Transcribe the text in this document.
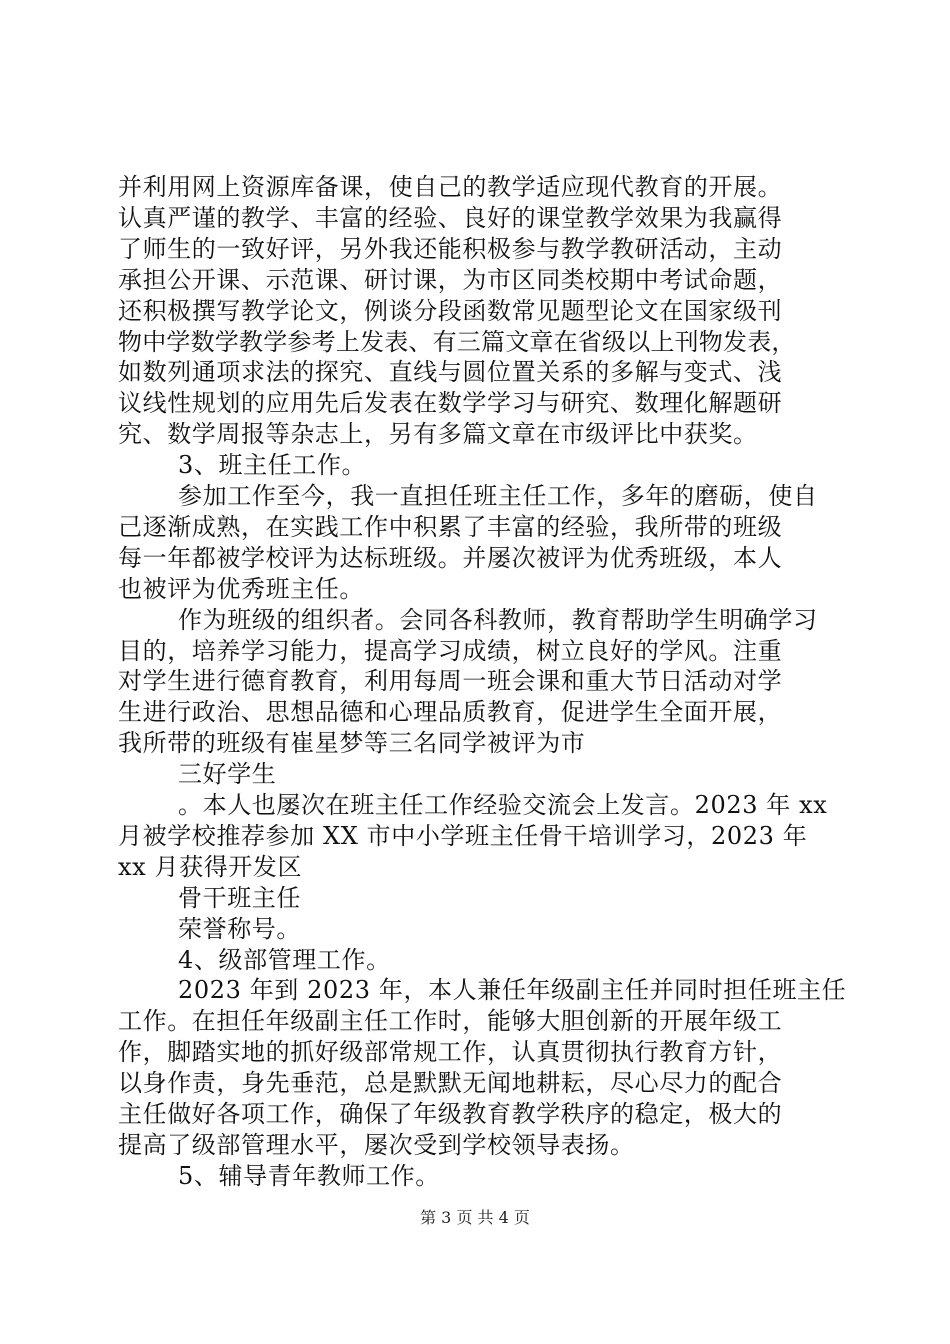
并利用网上资源库备课，使自己的教学适应现代教育的开展。
认真严谨的教学、丰富的经验、良好的课堂教学效果为我赢得
了师生的一致好评，另外我还能积极参与教学教研活动，主动
承担公开课、示范课、研讨课，为市区同类校期中考试命题，
还积极撰写教学论文，例谈分段函数常见题型论文在国家级刊
物中学数学教学参考上发表、有三篇文章在省级以上刊物发表，
如数列通项求法的探究、直线与圆位置关系的多解与变式、浅
议线性规划的应用先后发表在数学学习与研究、数理化解题研
究、数学周报等杂志上，另有多篇文章在市级评比中获奖。
3、班主任工作。
参加工作至今，我一直担任班主任工作，多年的磨砺，使自
己逐渐成熟，在实践工作中积累了丰富的经验，我所带的班级
每一年都被学校评为达标班级。并屡次被评为优秀班级，本人
也被评为优秀班主任。
作为班级的组织者。会同各科教师，教育帮助学生明确学习
目的，培养学习能力，提高学习成绩，树立良好的学风。注重
对学生进行德育教育，利用每周一班会课和重大节日活动对学
生进行政治、思想品德和心理品质教育，促进学生全面开展，
我所带的班级有崔星梦等三名同学被评为市
三好学生
。本人也屡次在班主任工作经验交流会上发言。2023 年 xx
月被学校推荐参加 XX 市中小学班主任骨干培训学习，2023 年
xx 月获得开发区
骨干班主任
荣誉称号。
4、级部管理工作。
2023 年到 2023 年，本人兼任年级副主任并同时担任班主任
工作。在担任年级副主任工作时，能够大胆创新的开展年级工
作，脚踏实地的抓好级部常规工作，认真贯彻执行教育方针，
以身作责，身先垂范，总是默默无闻地耕耘，尽心尽力的配合
主任做好各项工作，确保了年级教育教学秩序的稳定，极大的
提高了级部管理水平，屡次受到学校领导表扬。
5、辅导青年教师工作。
第 3 页 共 4 页
